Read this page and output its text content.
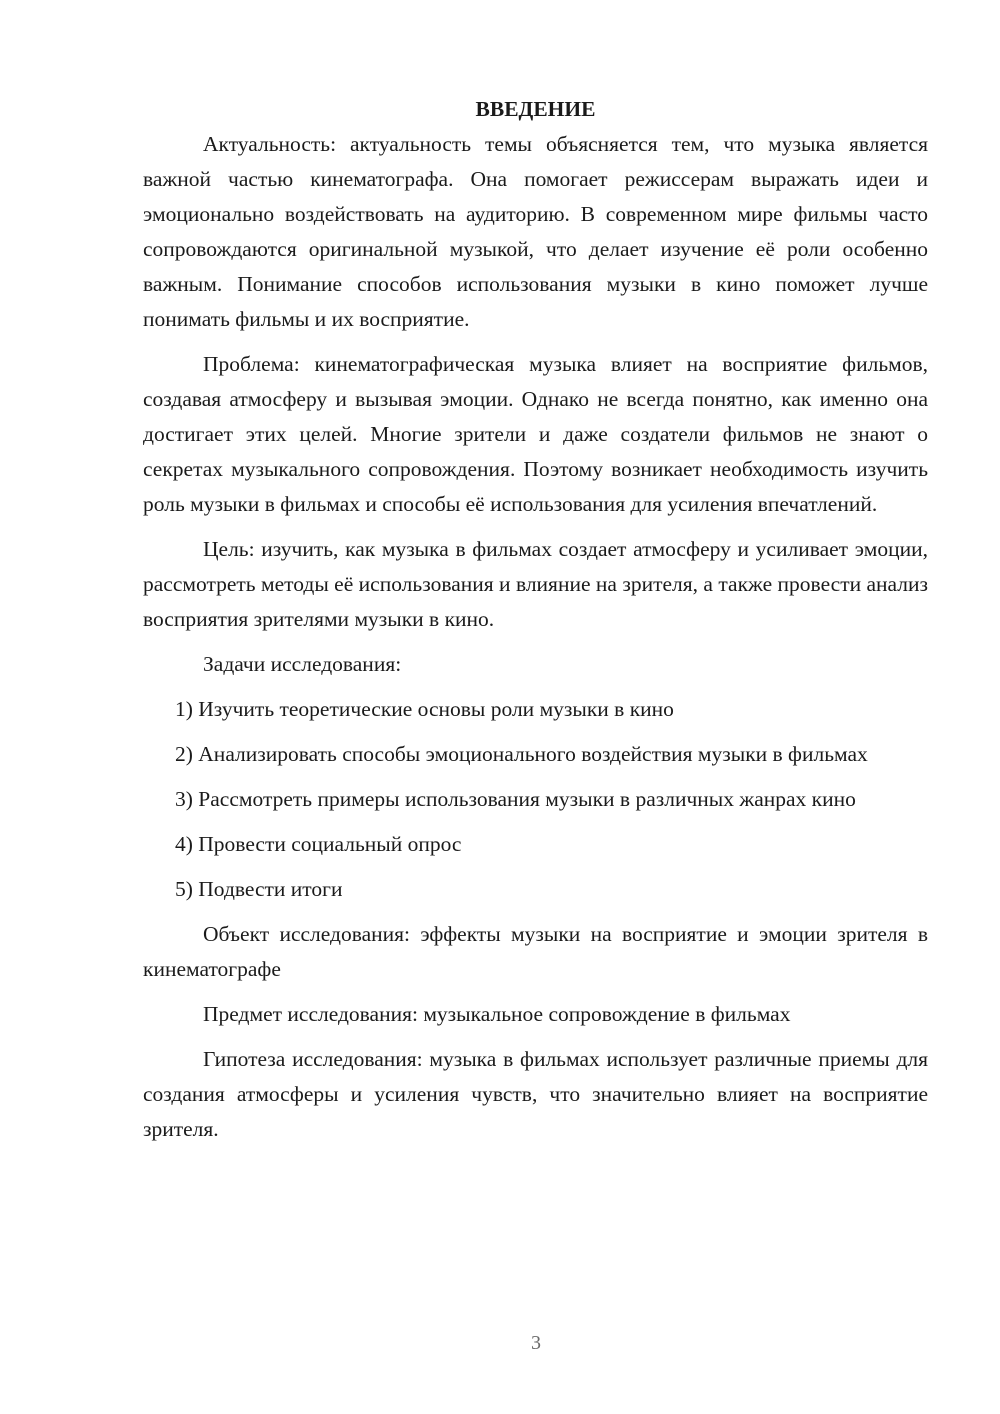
ВВЕДЕНИЕ

Актуальность: актуальность темы объясняется тем, что музыка является важной частью кинематографа. Она помогает режиссерам выражать идеи и эмоционально воздействовать на аудиторию. В современном мире фильмы часто сопровождаются оригинальной музыкой, что делает изучение её роли особенно важным. Понимание способов использования музыки в кино поможет лучше понимать фильмы и их восприятие.

Проблема: кинематографическая музыка влияет на восприятие фильмов, создавая атмосферу и вызывая эмоции. Однако не всегда понятно, как именно она достигает этих целей. Многие зрители и даже создатели фильмов не знают о секретах музыкального сопровождения. Поэтому возникает необходимость изучить роль музыки в фильмах и способы её использования для усиления впечатлений.

Цель: изучить, как музыка в фильмах создает атмосферу и усиливает эмоции, рассмотреть методы её использования и влияние на зрителя, а также провести анализ восприятия зрителями музыки в кино.

Задачи исследования:

1) Изучить теоретические основы роли музыки в кино

2) Анализировать способы эмоционального воздействия музыки в фильмах

3) Рассмотреть примеры использования музыки в различных жанрах кино

4) Провести социальный опрос

5) Подвести итоги

Объект исследования: эффекты музыки на восприятие и эмоции зрителя в кинематографе

Предмет исследования: музыкальное сопровождение в фильмах

Гипотеза исследования: музыка в фильмах использует различные приемы для создания атмосферы и усиления чувств, что значительно влияет на восприятие зрителя.

3
